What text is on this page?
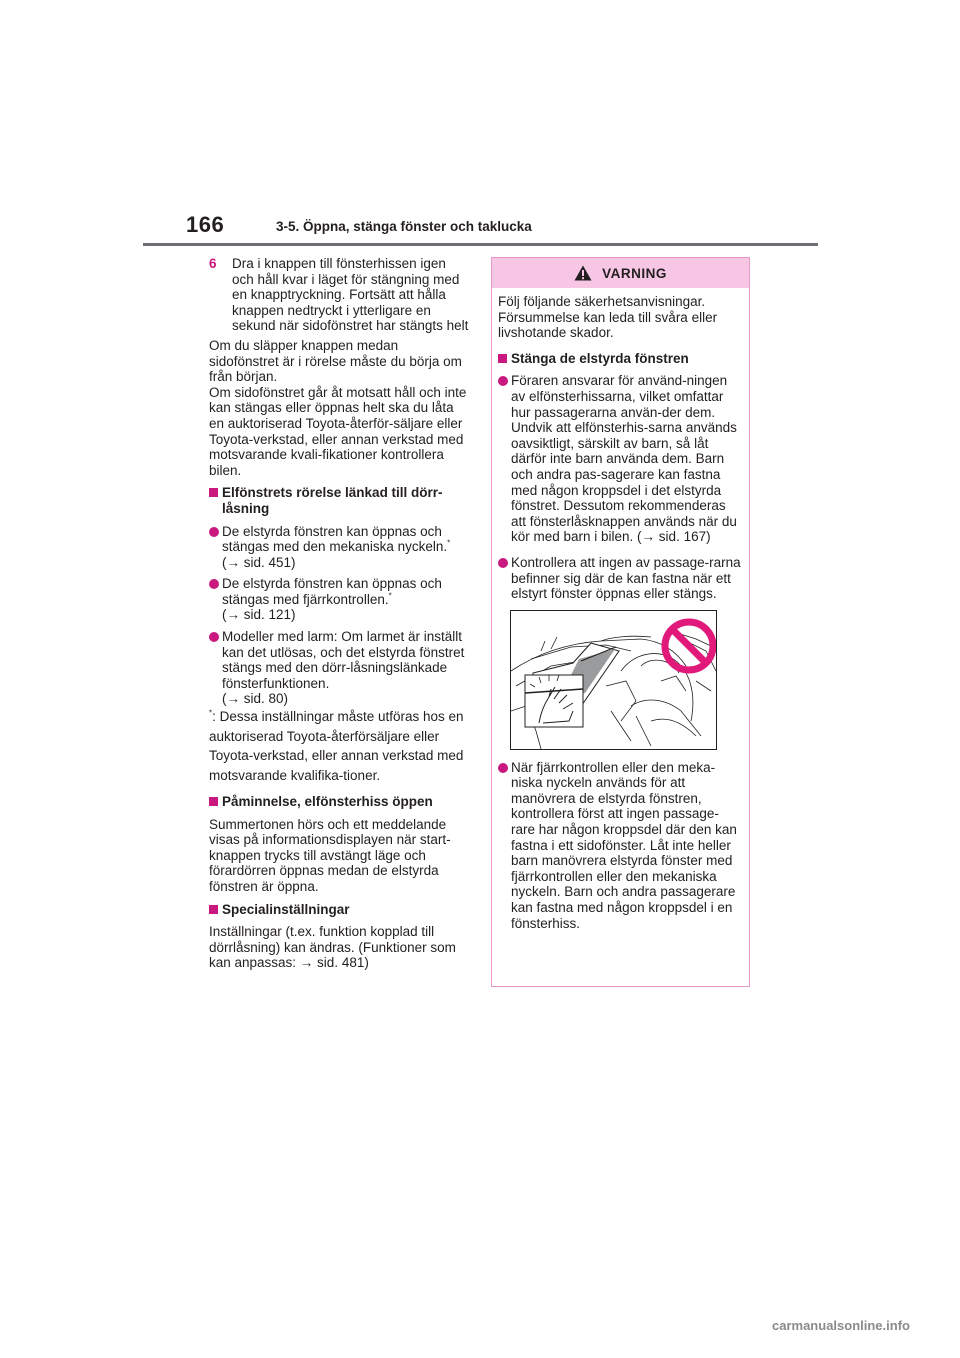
166	3-5. Öppna, stänga fönster och taklucka

6 Dra i knappen till fönsterhissen igen och håll kvar i läget för stängning med en knapptryckning. Fortsätt att hålla knappen nedtryckt i ytterligare en sekund när sidofönstret har stängts helt

Om du släpper knappen medan sidofönstret är i rörelse måste du börja om från början.

Om sidofönstret går åt motsatt håll och inte kan stängas eller öppnas helt ska du låta en auktoriserad Toyota-återför-säljare eller Toyota-verkstad, eller annan verkstad med motsvarande kvali-fikationer kontrollera bilen.

Elfönstrets rörelse länkad till dörr-låsning

De elstyrda fönstren kan öppnas och stängas med den mekaniska nyckeln.*
(→ sid. 451)

De elstyrda fönstren kan öppnas och stängas med fjärrkontrollen.*
(→ sid. 121)

Modeller med larm: Om larmet är inställt kan det utlösas, och det elstyrda fönstret stängs med den dörr-låsningslänkade fönsterfunktionen.
(→ sid. 80)

*: Dessa inställningar måste utföras hos en auktoriserad Toyota-återförsäljare eller Toyota-verkstad, eller annan verkstad med motsvarande kvalifika-tioner.

Påminnelse, elfönsterhiss öppen

Summertonen hörs och ett meddelande visas på informationsdisplayen när start-knappen trycks till avstängt läge och förardörren öppnas medan de elstyrda fönstren är öppna.

Specialinställningar

Inställningar (t.ex. funktion kopplad till dörrlåsning) kan ändras. (Funktioner som kan anpassas: → sid. 481)

VARNING

Följ följande säkerhetsanvisningar. Försummelse kan leda till svåra eller livshotande skador.

Stänga de elstyrda fönstren

Föraren ansvarar för använd-ningen av elfönsterhissarna, vilket omfattar hur passagerarna använ-der dem. Undvik att elfönsterhis-sarna används oavsiktligt, särskilt av barn, så låt därför inte barn använda dem. Barn och andra pas-sagerare kan fastna med någon kroppsdel i det elstyrda fönstret. Dessutom rekommenderas att fönsterlåsknappen används när du kör med barn i bilen. (→ sid. 167)

Kontrollera att ingen av passage-rarna befinner sig där de kan fastna när ett elstyrt fönster öppnas eller stängs.

När fjärrkontrollen eller den meka-niska nyckeln används för att manövrera de elstyrda fönstren, kontrollera först att ingen passage-rare har någon kroppsdel där den kan fastna i ett sidofönster. Låt inte heller barn manövrera elstyrda fönster med fjärrkontrollen eller den mekaniska nyckeln. Barn och andra passagerare kan fastna med någon kroppsdel i en fönsterhiss.

carmanualsonline.info
